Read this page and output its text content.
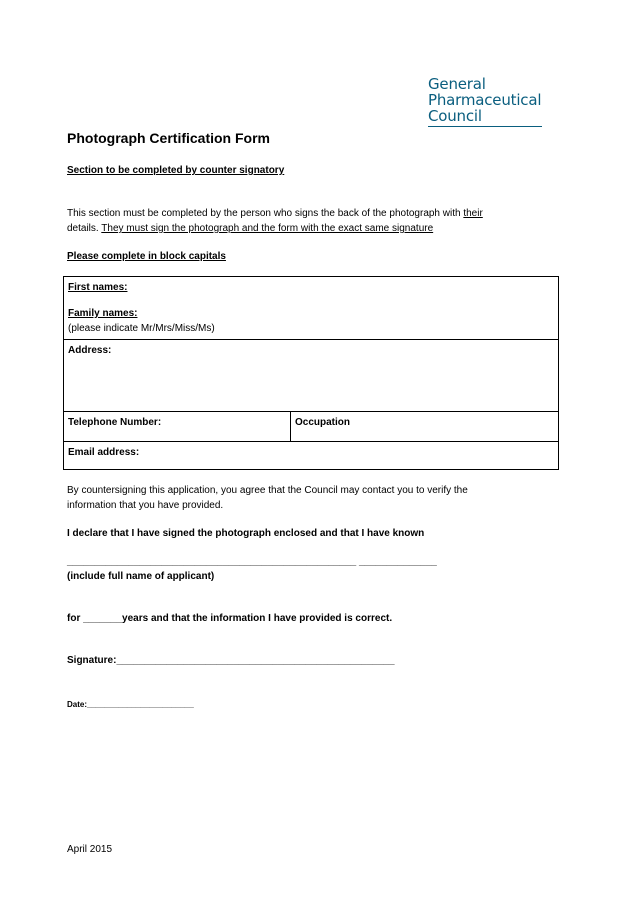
General
Pharmaceutical
Council
Photograph Certification Form
Section to be completed by counter signatory
This section must be completed by the person who signs the back of the photograph with their
details. They must sign the photograph and the form with the exact same signature
Please complete in block capitals
First names:
Family names:
(please indicate Mr/Mrs/Miss/Ms)

Address:

Telephone Number:	Occupation

Email address:
By countersigning this application, you agree that the Council may contact you to verify the
information that you have provided.
I declare that I have signed the photograph enclosed and that I have known
____________________________________________________ ______________
(include full name of applicant)
for _______years and that the information I have provided is correct.
Signature:__________________________________________________
Date:________________________
April 2015
